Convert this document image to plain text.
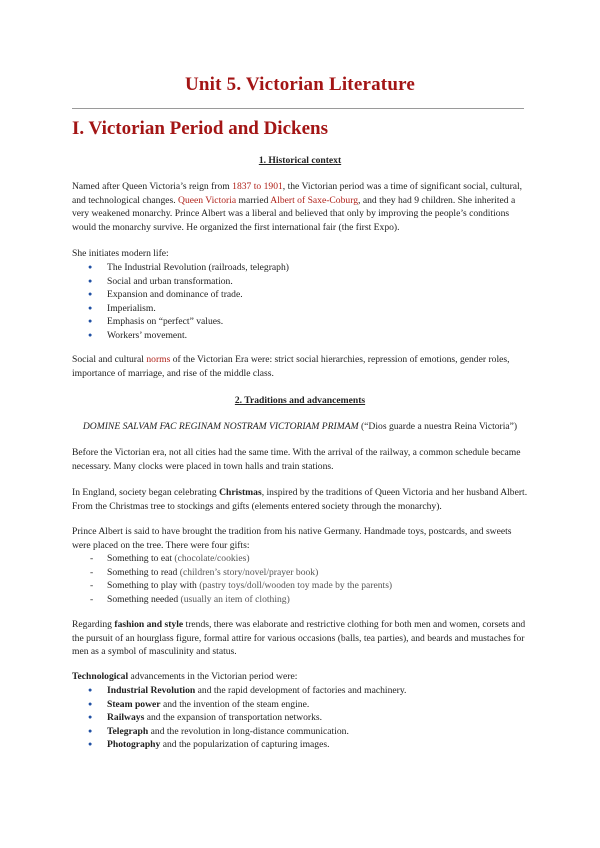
Unit 5. Victorian Literature
I. Victorian Period and Dickens
1. Historical context
Named after Queen Victoria’s reign from 1837 to 1901, the Victorian period was a time of significant social, cultural, and technological changes. Queen Victoria married Albert of Saxe-Coburg, and they had 9 children. She inherited a very weakened monarchy. Prince Albert was a liberal and believed that only by improving the people’s conditions would the monarchy survive. He organized the first international fair (the first Expo).
She initiates modern life:
● The Industrial Revolution (railroads, telegraph)
● Social and urban transformation.
● Expansion and dominance of trade.
● Imperialism.
● Emphasis on “perfect” values.
● Workers’ movement.
Social and cultural norms of the Victorian Era were: strict social hierarchies, repression of emotions, gender roles, importance of marriage, and rise of the middle class.
2. Traditions and advancements
DOMINE SALVAM FAC REGINAM NOSTRAM VICTORIAM PRIMAM (“Dios guarde a nuestra Reina Victoria”)
Before the Victorian era, not all cities had the same time. With the arrival of the railway, a common schedule became necessary. Many clocks were placed in town halls and train stations.
In England, society began celebrating Christmas, inspired by the traditions of Queen Victoria and her husband Albert. From the Christmas tree to stockings and gifts (elements entered society through the monarchy).
Prince Albert is said to have brought the tradition from his native Germany. Handmade toys, postcards, and sweets were placed on the tree. There were four gifts:
- Something to eat (chocolate/cookies)
- Something to read (children’s story/novel/prayer book)
- Something to play with (pastry toys/doll/wooden toy made by the parents)
- Something needed (usually an item of clothing)
Regarding fashion and style trends, there was elaborate and restrictive clothing for both men and women, corsets and the pursuit of an hourglass figure, formal attire for various occasions (balls, tea parties), and beards and mustaches for men as a symbol of masculinity and status.
Technological advancements in the Victorian period were:
● Industrial Revolution and the rapid development of factories and machinery.
● Steam power and the invention of the steam engine.
● Railways and the expansion of transportation networks.
● Telegraph and the revolution in long-distance communication.
● Photography and the popularization of capturing images.
